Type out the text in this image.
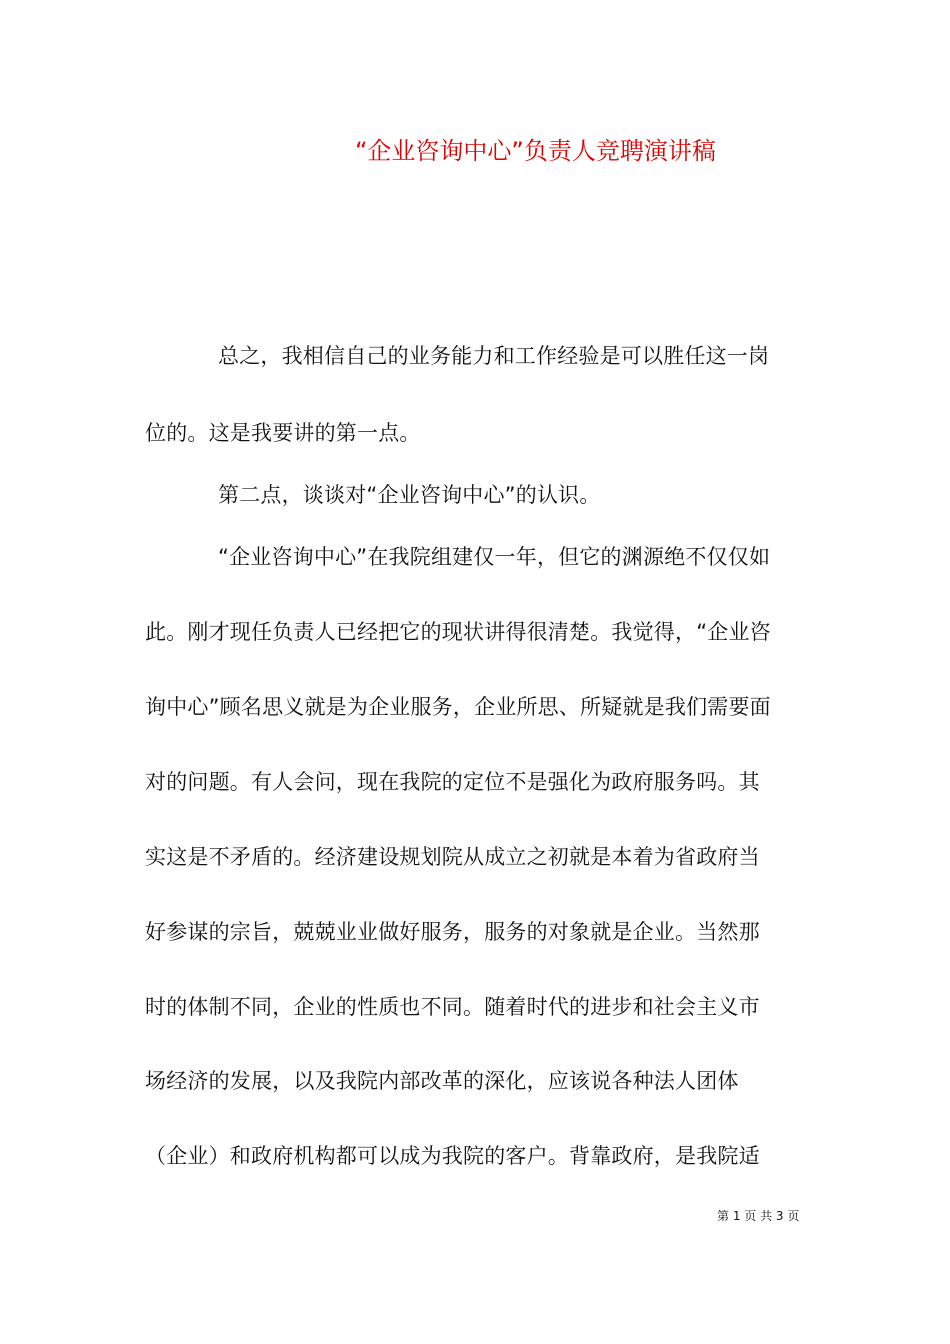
“企业咨询中心”负责人竞聘演讲稿
总之，我相信自己的业务能力和工作经验是可以胜任这一岗
位的。这是我要讲的第一点。
第二点，谈谈对“企业咨询中心”的认识。
“企业咨询中心”在我院组建仅一年，但它的渊源绝不仅仅如
此。刚才现任负责人已经把它的现状讲得很清楚。我觉得，“企业咨
询中心”顾名思义就是为企业服务，企业所思、所疑就是我们需要面
对的问题。有人会问，现在我院的定位不是强化为政府服务吗。其
实这是不矛盾的。经济建设规划院从成立之初就是本着为省政府当
好参谋的宗旨，兢兢业业做好服务，服务的对象就是企业。当然那
时的体制不同，企业的性质也不同。随着时代的进步和社会主义市
场经济的发展，以及我院内部改革的深化，应该说各种法人团体
（企业）和政府机构都可以成为我院的客户。背靠政府，是我院适
第 1 页 共 3 页
